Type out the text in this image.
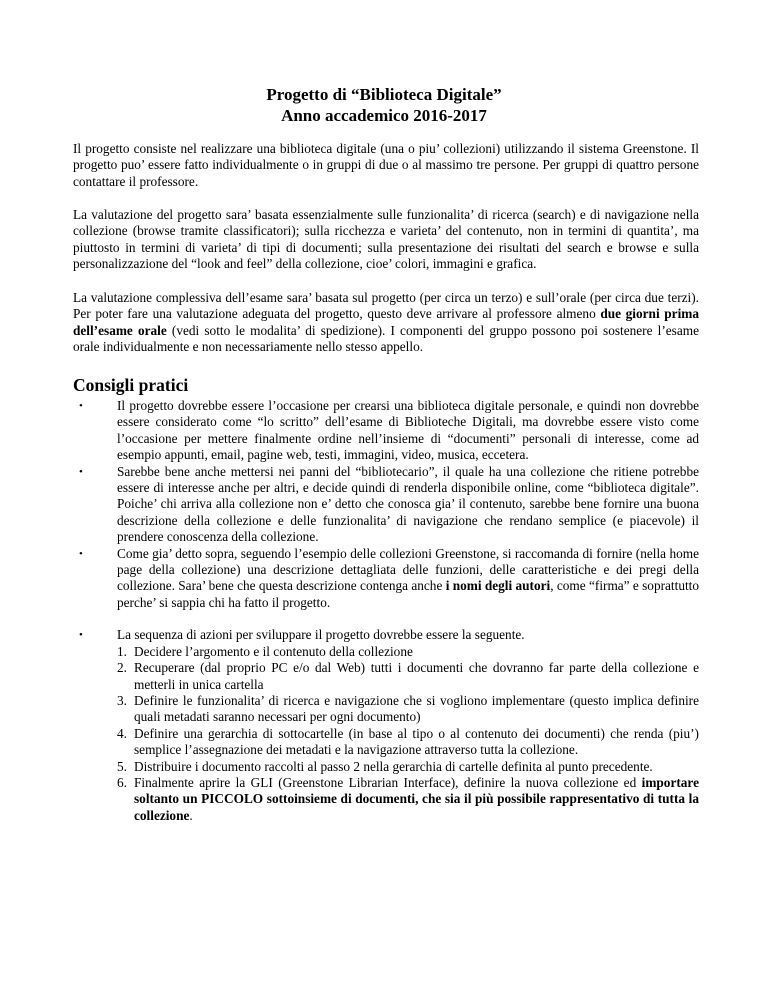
Progetto di “Biblioteca Digitale”
Anno accademico 2016-2017

Il progetto consiste nel realizzare una biblioteca digitale (una o piu’ collezioni) utilizzando il sistema Greenstone. Il progetto puo’ essere fatto individualmente o in gruppi di due o al massimo tre persone. Per gruppi di quattro persone contattare il professore.

La valutazione del progetto sara’ basata essenzialmente sulle funzionalita’ di ricerca (search) e di navigazione nella collezione (browse tramite classificatori); sulla ricchezza e varieta’ del contenuto, non in termini di quantita’, ma piuttosto in termini di varieta’ di tipi di documenti; sulla presentazione dei risultati del search e browse e sulla personalizzazione del “look and feel” della collezione, cioe’ colori, immagini e grafica.

La valutazione complessiva dell’esame sara’ basata sul progetto (per circa un terzo) e sull’orale (per circa due terzi). Per poter fare una valutazione adeguata del progetto, questo deve arrivare al professore almeno due giorni prima dell’esame orale (vedi sotto le modalita’ di spedizione). I componenti del gruppo possono poi sostenere l’esame orale individualmente e non necessariamente nello stesso appello.

Consigli pratici
•	Il progetto dovrebbe essere l’occasione per crearsi una biblioteca digitale personale, e quindi non dovrebbe essere considerato come “lo scritto” dell’esame di Biblioteche Digitali, ma dovrebbe essere visto come l’occasione per mettere finalmente ordine nell’insieme di “documenti” personali di interesse, come ad esempio appunti, email, pagine web, testi, immagini, video, musica, eccetera.
•	Sarebbe bene anche mettersi nei panni del “bibliotecario”, il quale ha una collezione che ritiene potrebbe essere di interesse anche per altri, e decide quindi di renderla disponibile online, come “biblioteca digitale”. Poiche’ chi arriva alla collezione non e’ detto che conosca gia’ il contenuto, sarebbe bene fornire una buona descrizione della collezione e delle funzionalita’ di navigazione che rendano semplice (e piacevole) il prendere conoscenza della collezione.
•	Come gia’ detto sopra, seguendo l’esempio delle collezioni Greenstone, si raccomanda di fornire (nella home page della collezione) una descrizione dettagliata delle funzioni, delle caratteristiche e dei pregi della collezione. Sara’ bene che questa descrizione contenga anche i nomi degli autori, come “firma” e soprattutto perche’ si sappia chi ha fatto il progetto.
•	La sequenza di azioni per sviluppare il progetto dovrebbe essere la seguente.
1. Decidere l’argomento e il contenuto della collezione
2. Recuperare (dal proprio PC e/o dal Web) tutti i documenti che dovranno far parte della collezione e metterli in unica cartella
3. Definire le funzionalita’ di ricerca e navigazione che si vogliono implementare (questo implica definire quali metadati saranno necessari per ogni documento)
4. Definire una gerarchia di sottocartelle (in base al tipo o al contenuto dei documenti) che renda (piu’) semplice l’assegnazione dei metadati e la navigazione attraverso tutta la collezione.
5. Distribuire i documento raccolti al passo 2 nella gerarchia di cartelle definita al punto precedente.
6. Finalmente aprire la GLI (Greenstone Librarian Interface), definire la nuova collezione ed importare soltanto un PICCOLO sottoinsieme di documenti, che sia il più possibile rappresentativo di tutta la collezione.
